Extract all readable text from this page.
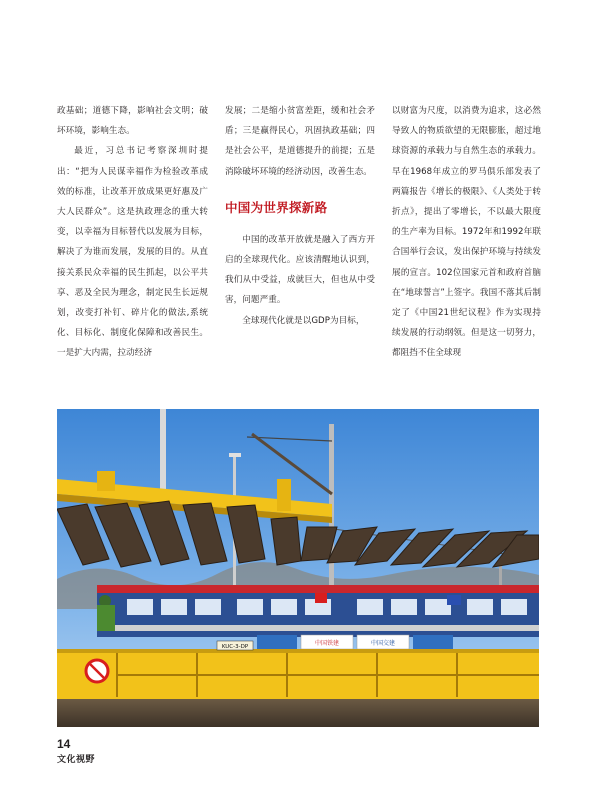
政基础；道德下降，影响社会文明；破坏环境，影响生态。

最近，习总书记考察深圳时提出：“把为人民谋幸福作为检验改革成效的标准，让改革开放成果更好惠及广大人民群众”。这是执政理念的重大转变，以幸福为目标替代以发展为目标，解决了为谁而发展，发展的目的。从直接关系民众幸福的民生抓起，以公平共享、恶及全民为理念，制定民生长远规划，改变打补钉、碎片化的做法,系统化、目标化、制度化保障和改善民生。一是扩大内需，拉动经济

发展；二是缩小贫富差距，缓和社会矛盾；三是赢得民心，巩固执政基础；四是社会公平，是道德提升的前提；五是消除破坏环境的经济动因，改善生态。

中国为世界探新路

中国的改革开放就是融入了西方开启的全球现代化。应该清醒地认识到，我们从中受益，成就巨大，但也从中受害，问题严重。

全球现代化就是以GDP为目标，

以财富为尺度，以消费为追求，这必然导致人的物质欲望的无限膨胀，超过地球资源的承载力与自然生态的承载力。早在1968年成立的罗马俱乐部发表了两篇报告《增长的极限》、《人类处于转折点》，提出了零增长，不以最大限度的生产率为目标。1972年和1992年联合国举行会议，发出保护环境与持续发展的宣言。102位国家元首和政府首脑在“地球誓言”上签字。我国不落其后制定了《中国21世纪议程》作为实现持续发展的行动纲领。但是这一切努力，都阻挡不住全球现

中国铁建	中国交建
KUC-3-DP
14
文化视野
